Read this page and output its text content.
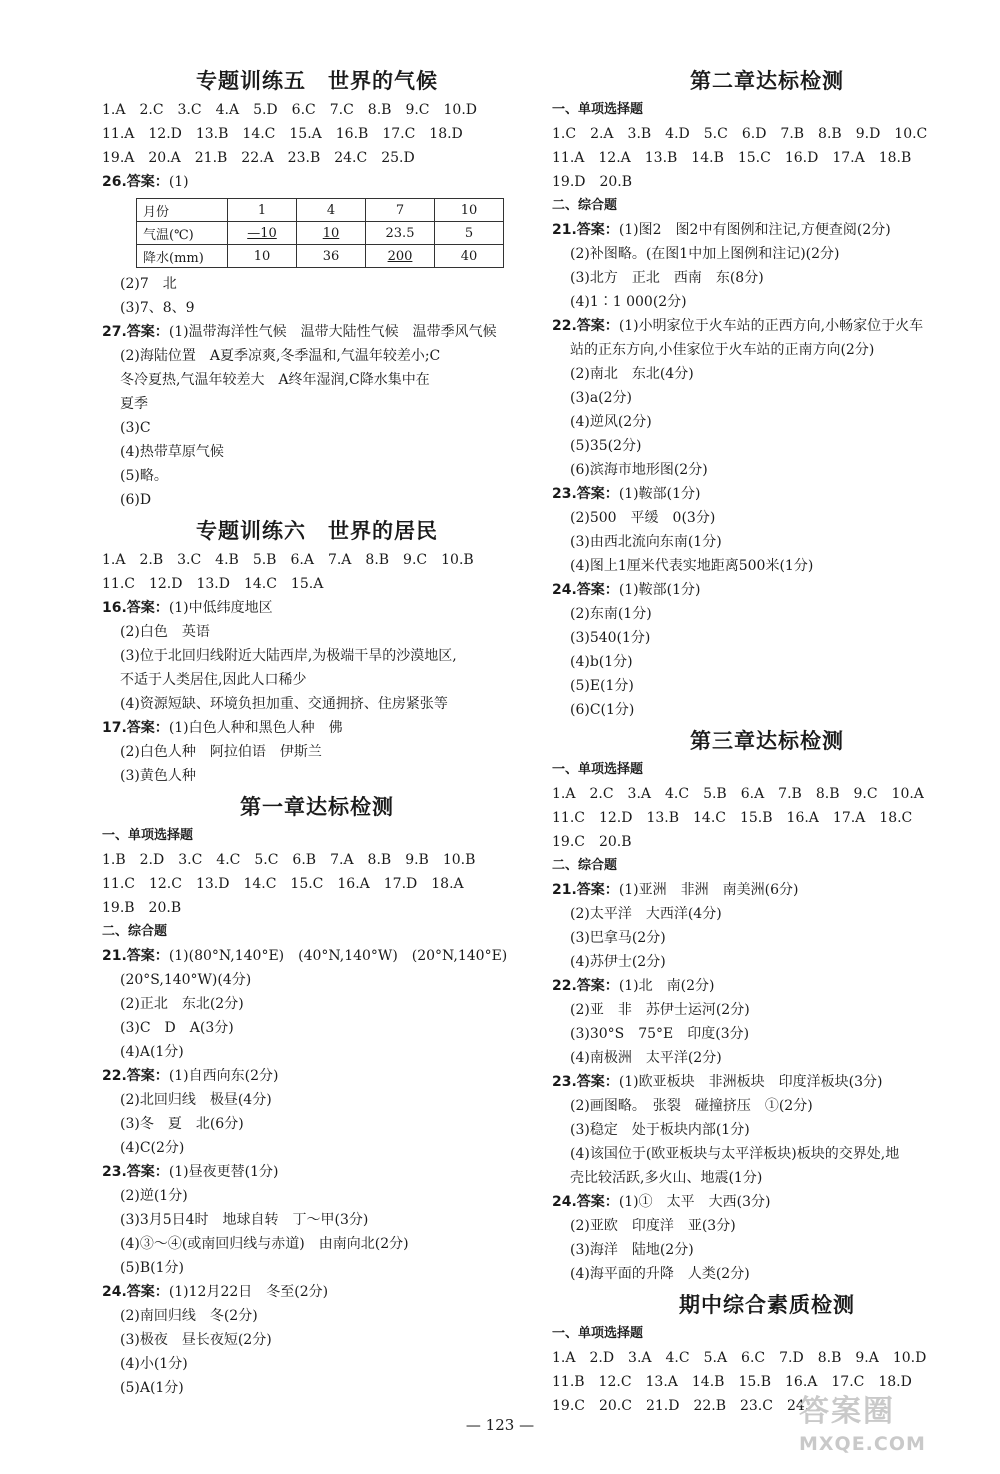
专题训练五　世界的气候
1.A　2.C　3.C　4.A　5.D　6.C　7.C　8.B　9.C　10.D
11.A　12.D　13.B　14.C　15.A　16.B　17.C　18.D
19.A　20.A　21.B　22.A　23.B　24.C　25.D
26.答案：(1)
月份	1	4	7	10
气温(℃)	—10	10	23.5	5
降水(mm)	10	36	200	40
(2)7　北
(3)7、8、9
27.答案：(1)温带海洋性气候　温带大陆性气候　温带季风气候
(2)海陆位置　A夏季凉爽,冬季温和,气温年较差小;C
冬冷夏热,气温年较差大　A终年湿润,C降水集中在
夏季
(3)C
(4)热带草原气候
(5)略。
(6)D
专题训练六　世界的居民
1.A　2.B　3.C　4.B　5.B　6.A　7.A　8.B　9.C　10.B
11.C　12.D　13.D　14.C　15.A
16.答案：(1)中低纬度地区
(2)白色　英语
(3)位于北回归线附近大陆西岸,为极端干旱的沙漠地区,
不适于人类居住,因此人口稀少
(4)资源短缺、环境负担加重、交通拥挤、住房紧张等
17.答案：(1)白色人种和黑色人种　佛
(2)白色人种　阿拉伯语　伊斯兰
(3)黄色人种
第一章达标检测
一、单项选择题
1.B　2.D　3.C　4.C　5.C　6.B　7.A　8.B　9.B　10.B
11.C　12.C　13.D　14.C　15.C　16.A　17.D　18.A
19.B　20.B
二、综合题
21.答案：(1)(80°N,140°E)　(40°N,140°W)　(20°N,140°E)
(20°S,140°W)(4分)
(2)正北　东北(2分)
(3)C　D　A(3分)
(4)A(1分)
22.答案：(1)自西向东(2分)
(2)北回归线　极昼(4分)
(3)冬　夏　北(6分)
(4)C(2分)
23.答案：(1)昼夜更替(1分)
(2)逆(1分)
(3)3月5日4时　地球自转　丁～甲(3分)
(4)③～④(或南回归线与赤道)　由南向北(2分)
(5)B(1分)
24.答案：(1)12月22日　冬至(2分)
(2)南回归线　冬(2分)
(3)极夜　昼长夜短(2分)
(4)小(1分)
(5)A(1分)
第二章达标检测
一、单项选择题
1.C　2.A　3.B　4.D　5.C　6.D　7.B　8.B　9.D　10.C
11.A　12.A　13.B　14.B　15.C　16.D　17.A　18.B
19.D　20.B
二、综合题
21.答案：(1)图2　图2中有图例和注记,方便查阅(2分)
(2)补图略。(在图1中加上图例和注记)(2分)
(3)北方　正北　西南　东(8分)
(4)1∶1 000(2分)
22.答案：(1)小明家位于火车站的正西方向,小畅家位于火车
站的正东方向,小佳家位于火车站的正南方向(2分)
(2)南北　东北(4分)
(3)a(2分)
(4)逆风(2分)
(5)35(2分)
(6)滨海市地形图(2分)
23.答案：(1)鞍部(1分)
(2)500　平缓　0(3分)
(3)由西北流向东南(1分)
(4)图上1厘米代表实地距离500米(1分)
24.答案：(1)鞍部(1分)
(2)东南(1分)
(3)540(1分)
(4)b(1分)
(5)E(1分)
(6)C(1分)
第三章达标检测
一、单项选择题
1.A　2.C　3.A　4.C　5.B　6.A　7.B　8.B　9.C　10.A
11.C　12.D　13.B　14.C　15.B　16.A　17.A　18.C
19.C　20.B
二、综合题
21.答案：(1)亚洲　非洲　南美洲(6分)
(2)太平洋　大西洋(4分)
(3)巴拿马(2分)
(4)苏伊士(2分)
22.答案：(1)北　南(2分)
(2)亚　非　苏伊士运河(2分)
(3)30°S　75°E　印度(3分)
(4)南极洲　太平洋(2分)
23.答案：(1)欧亚板块　非洲板块　印度洋板块(3分)
(2)画图略。　张裂　碰撞挤压　①(2分)
(3)稳定　处于板块内部(1分)
(4)该国位于(欧亚板块与太平洋板块)板块的交界处,地
壳比较活跃,多火山、地震(1分)
24.答案：(1)①　太平　大西(3分)
(2)亚欧　印度洋　亚(3分)
(3)海洋　陆地(2分)
(4)海平面的升降　人类(2分)
期中综合素质检测
一、单项选择题
1.A　2.D　3.A　4.C　5.A　6.C　7.D　8.B　9.A　10.D
11.B　12.C　13.A　14.B　15.B　16.A　17.C　18.D
19.C　20.C　21.D　22.B　23.C　24.
— 123 —	答案圈
MXQE.COM
